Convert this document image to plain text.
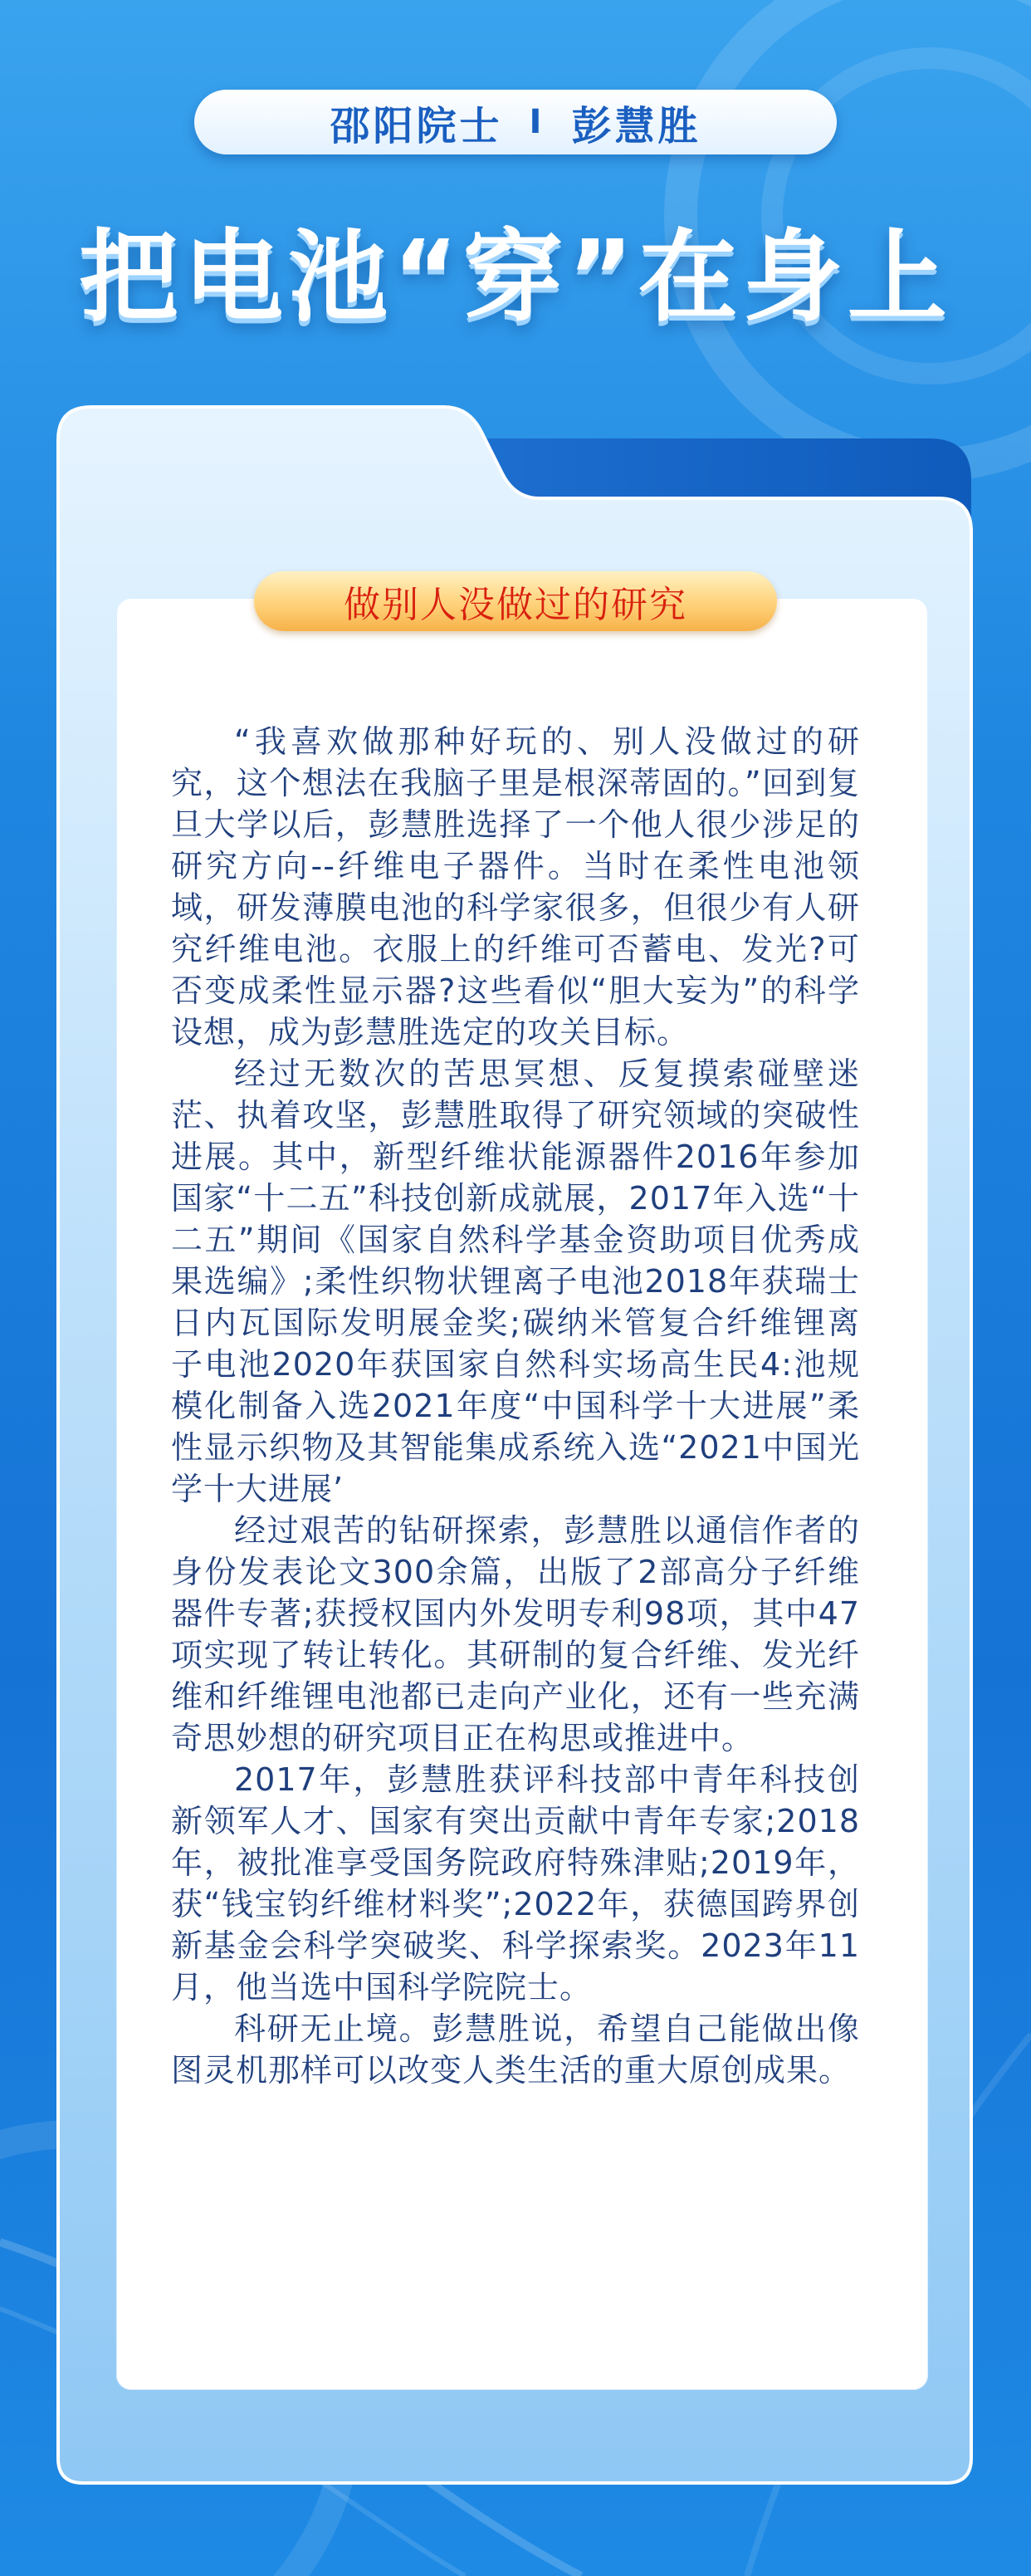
邵阳院士 I 彭慧胜
把电池“穿”在身上
做别人没做过的研究

“我喜欢做那种好玩的、别人没做过的研究，这个想法在我脑子里是根深蒂固的。”回到复旦大学以后，彭慧胜选择了一个他人很少涉足的研究方向--纤维电子器件。当时在柔性电池领域，研发薄膜电池的科学家很多，但很少有人研究纤维电池。衣服上的纤维可否蓄电、发光?可否变成柔性显示器?这些看似“胆大妄为”的科学设想，成为彭慧胜选定的攻关目标。

经过无数次的苦思冥想、反复摸索碰壁迷茫、执着攻坚，彭慧胜取得了研究领域的突破性进展。其中，新型纤维状能源器件2016年参加国家“十二五”科技创新成就展，2017年入选“十二五”期间《国家自然科学基金资助项目优秀成果选编》;柔性织物状锂离子电池2018年获瑞士日内瓦国际发明展金奖;碳纳米管复合纤维锂离子电池2020年获国家自然科实场高生民4:池规模化制备入选2021年度“中国科学十大进展”柔性显示织物及其智能集成系统入选“2021中国光学十大进展’

经过艰苦的钻研探索，彭慧胜以通信作者的身份发表论文300余篇，出版了2部高分子纤维器件专著;获授权国内外发明专利98项，其中47项实现了转让转化。其研制的复合纤维、发光纤维和纤维锂电池都已走向产业化，还有一些充满奇思妙想的研究项目正在构思或推进中。

2017年，彭慧胜获评科技部中青年科技创新领军人才、国家有突出贡献中青年专家;2018年，被批准享受国务院政府特殊津贴;2019年，获“钱宝钧纤维材料奖”;2022年，获德国跨界创新基金会科学突破奖、科学探索奖。2023年11月，他当选中国科学院院士。

科研无止境。彭慧胜说，希望自己能做出像图灵机那样可以改变人类生活的重大原创成果。
